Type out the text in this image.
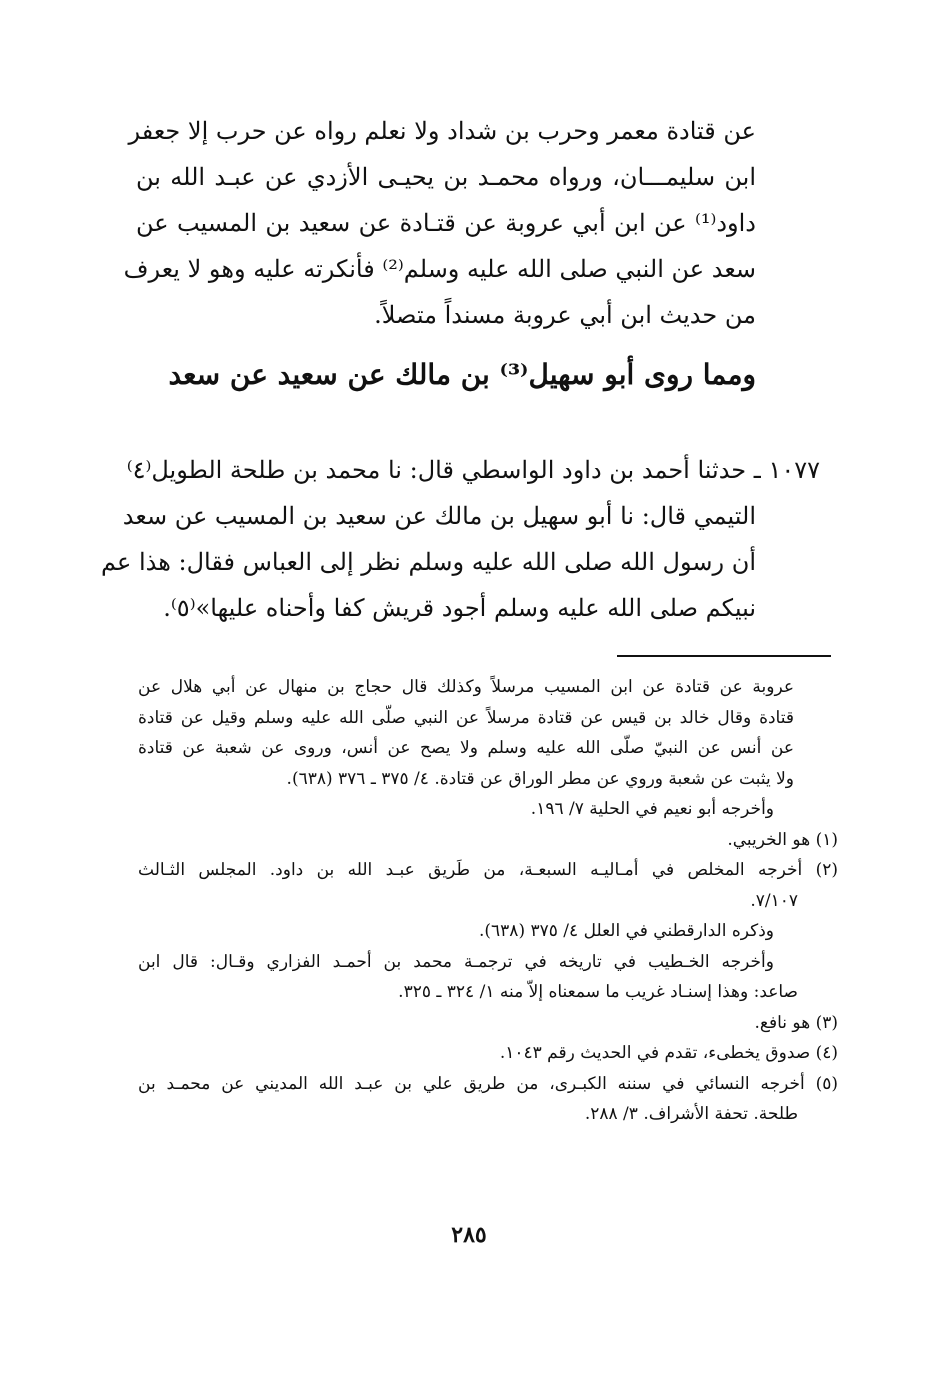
عن قتادة معمر وحرب بن شداد ولا نعلم رواه عن حرب إلا جعفر
ابن سليمـــان، ورواه محمـد بن يحيـى الأزدي عن عبـد الله بن
داود⁽¹⁾ عن ابن أبي عروبة عن قتـادة عن سعيد بن المسيب عن
سعد عن النبي صلى الله عليه وسلم⁽²⁾ فأنكرته عليه وهو لا يعرف
من حديث ابن أبي عروبة مسنداً متصلاً.
ومما روى أبو سهيل⁽³⁾ بن مالك عن سعيد عن سعد
١٠٧٧ ـ حدثنا أحمد بن داود الواسطي قال: نا محمد بن طلحة الطويل⁽٤⁾
التيمي قال: نا أبو سهيل بن مالك عن سعيد بن المسيب عن سعد
أن رسول الله صلى الله عليه وسلم نظر إلى العباس فقال: هذا عم
نبيكم صلى الله عليه وسلم أجود قريش كفا وأحناه عليها»⁽٥⁾.
عروبة عن قتادة عن ابن المسيب مرسلاً وكذلك قال حجاج بن منهال عن أبي هلال عن
قتادة وقال خالد بن قيس عن قتادة مرسلاً عن النبي صلّى الله عليه وسلم وقيل عن قتادة
عن أنس عن النبيّ صلّى الله عليه وسلم ولا يصح عن أنس، وروى عن شعبة عن قتادة
ولا يثبت عن شعبة وروي عن مطر الوراق عن قتادة. ٤/ ٣٧٥ ـ ٣٧٦ (٦٣٨).
وأخرجه أبو نعيم في الحلية ٧/ ١٩٦.
(١) هو الخريبي.
(٢) أخرجه المخلص في أمـاليـه السبعـة، من طَريق عبـد الله بن داود. المجلس الثـالث
٧/١٠٧.
وذكره الدارقطني في العلل ٤/ ٣٧٥ (٦٣٨).
وأخرجه الخـطيب في تاريخه في ترجمـة محمد بن أحمـد الفزاري وقـال: قال ابن
صاعد: وهذا إسنـاد غريب ما سمعناه إلاّ منه ١/ ٣٢٤ ـ ٣٢٥.
(٣) هو نافع.
(٤) صدوق يخطىء، تقدم في الحديث رقم ١٠٤٣.
(٥) أخرجه النسائي في سننه الكبـرى، من طريق علي بن عبـد الله المديني عن محمـد بن
طلحة. تحفة الأشراف. ٣/ ٢٨٨.
٢٨٥
